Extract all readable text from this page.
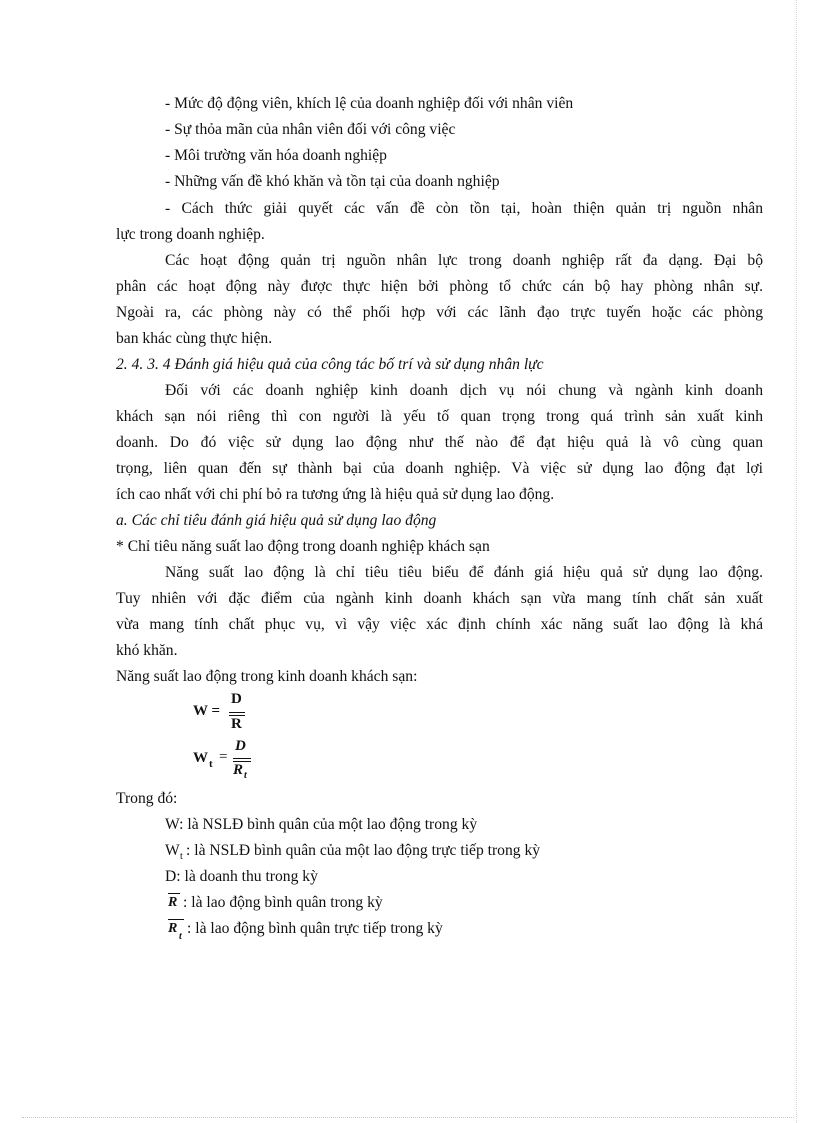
- Mức độ động viên, khích lệ của doanh nghiệp đối với nhân viên
- Sự thỏa mãn của nhân viên đối với công việc
- Môi trường văn hóa doanh nghiệp
- Những vấn đề khó khăn và tồn tại của doanh nghiệp
- Cách thức giải quyết các vấn đề còn tồn tại, hoàn thiện quản trị nguồn nhân
lực trong doanh nghiệp.
Các hoạt động quản trị nguồn nhân lực trong doanh nghiệp rất đa dạng. Đại bộ
phân các hoạt động này được thực hiện bởi phòng tổ chức cán bộ hay phòng nhân sự.
Ngoài ra, các phòng này có thể phối hợp với các lãnh đạo trực tuyến hoặc các phòng
ban khác cùng thực hiện.
2. 4. 3. 4 Đánh giá hiệu quả của công tác bố trí và sử dụng nhân lực
Đối với các doanh nghiệp kinh doanh dịch vụ nói chung và ngành kinh doanh
khách sạn nói riêng thì con người là yếu tố quan trọng trong quá trình sản xuất kinh
doanh. Do đó việc sử dụng lao động như thế nào để đạt hiệu quả là vô cùng quan
trọng, liên quan đến sự thành bại của doanh nghiệp. Và việc sử dụng lao động đạt lợi
ích cao nhất với chi phí bỏ ra tương ứng là hiệu quả sử dụng lao động.
a. Các chỉ tiêu đánh giá hiệu quả sử dụng lao động
* Chỉ tiêu năng suất lao động trong doanh nghiệp khách sạn
Năng suất lao động là chỉ tiêu tiêu biểu để đánh giá hiệu quả sử dụng lao động.
Tuy nhiên với đặc điểm của ngành kinh doanh khách sạn vừa mang tính chất sản xuất
vừa mang tính chất phục vụ, vì vậy việc xác định chính xác năng suất lao động là khá
khó khăn.
Năng suất lao động trong kinh doanh khách sạn:
W =
D
R
W t =
D
R t
Trong đó:
W: là NSLĐ bình quân của một lao động trong kỳ
W t : là NSLĐ bình quân của một lao động trực tiếp trong kỳ
D: là doanh thu trong kỳ
R : là lao động bình quân trong kỳ
R
t : là lao động bình quân trực tiếp trong kỳ
